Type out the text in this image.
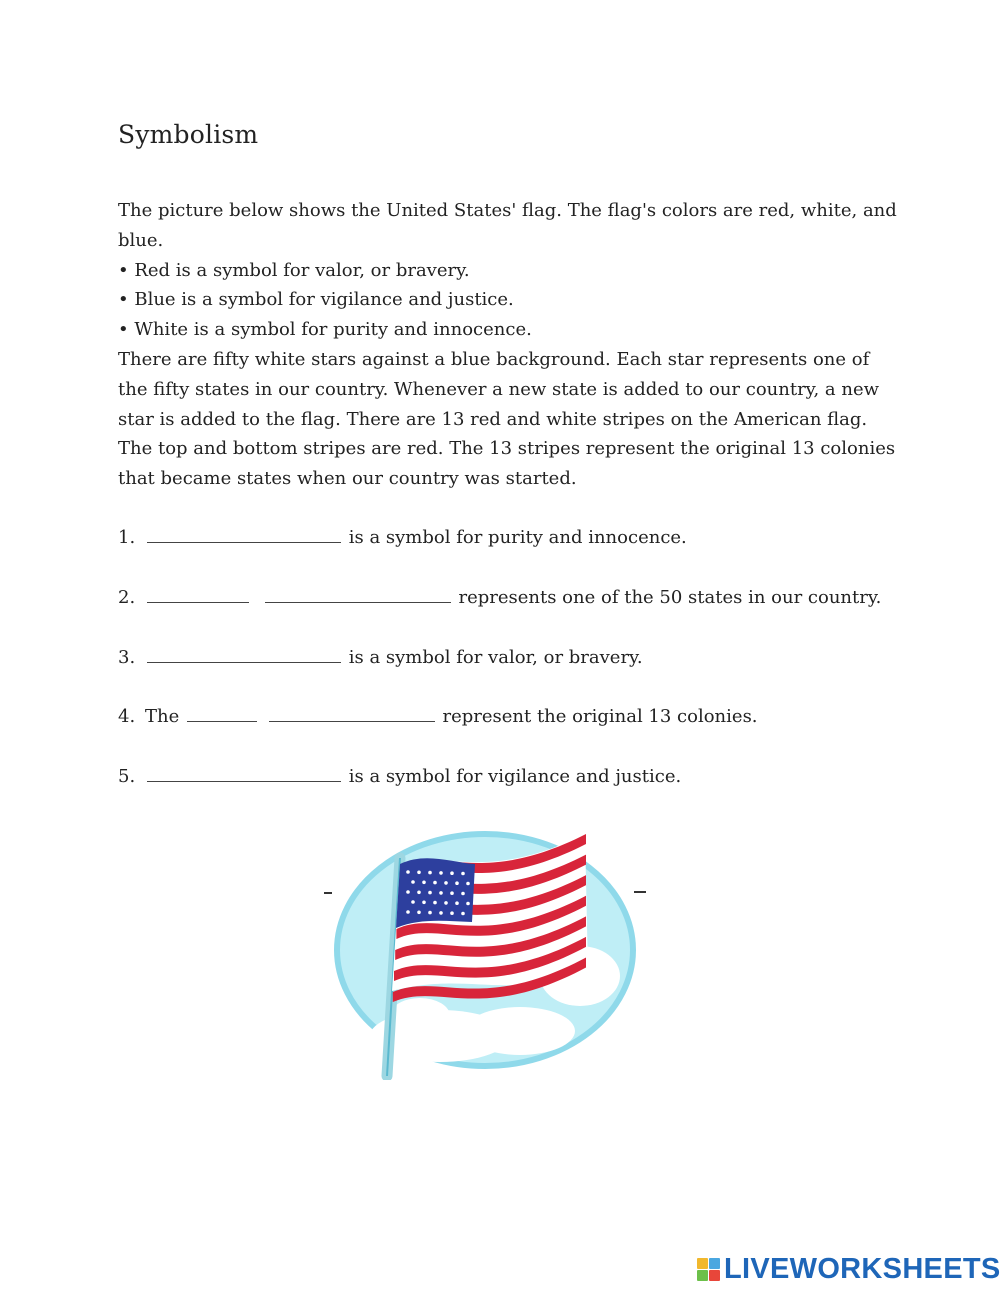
Symbolism

The picture below shows the United States' flag. The flag's colors are red, white, and blue.

• Red is a symbol for valor, or bravery.

• Blue is a symbol for vigilance and justice.

• White is a symbol for purity and innocence.

There are fifty white stars against a blue background. Each star represents one of the fifty states in our country. Whenever a new state is added to our country, a new star is added to the flag. There are 13 red and white stripes on the American flag. The top and bottom stripes are red. The 13 stripes represent the original 13 colonies that became states when our country was started.

1.	is a symbol for purity and innocence.
2.	represents one of the 50 states in our country.
3.	is a symbol for valor, or bravery.
4. The	represent the original 13 colonies.
5.	is a symbol for vigilance and justice.
LIVEWORKSHEETS
